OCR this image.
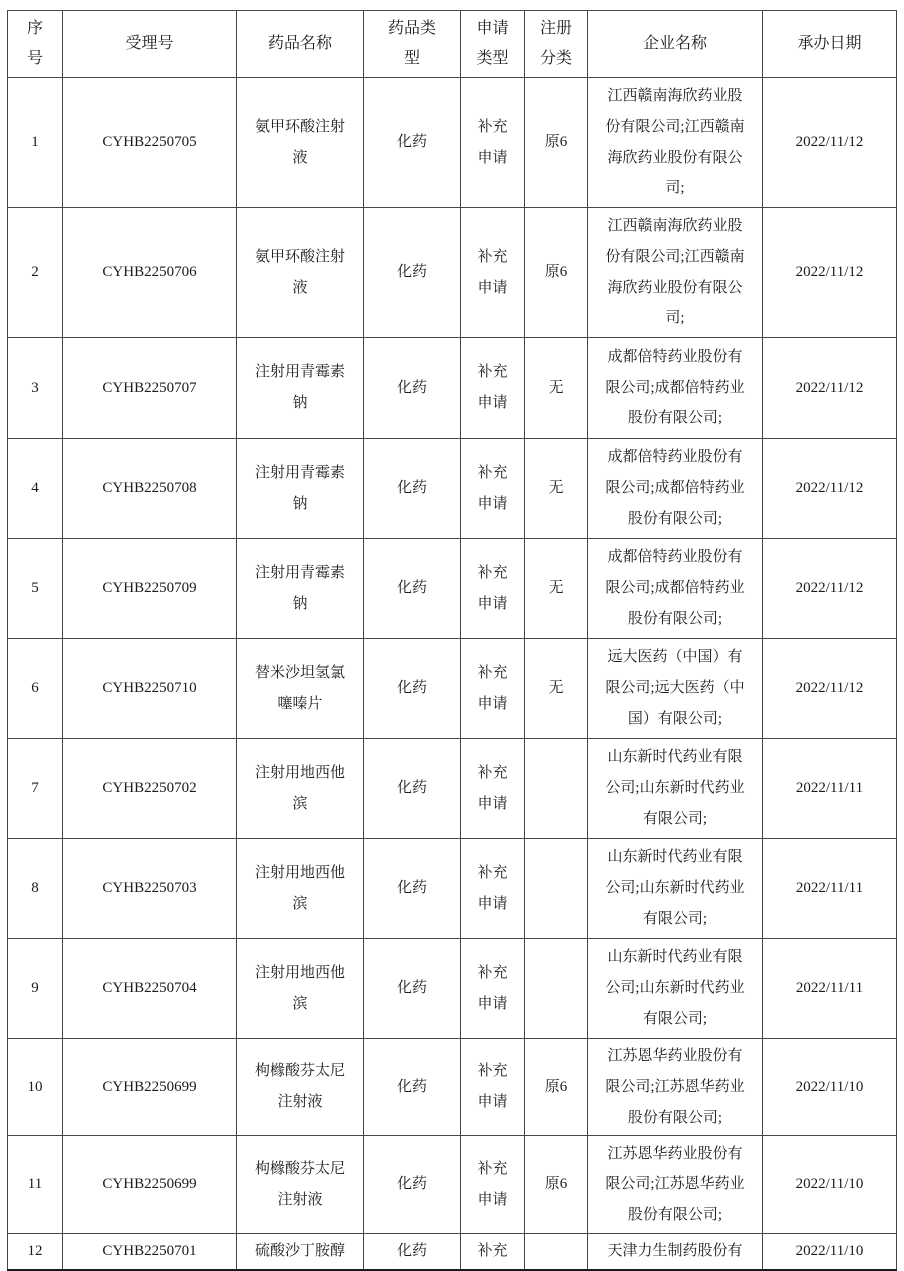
序号	受理号	药品名称	药品类型	申请类型	注册分类	企业名称	承办日期
1	CYHB2250705	氨甲环酸注射液	化药	补充申请	原6	江西赣南海欣药业股份有限公司;江西赣南海欣药业股份有限公司;	2022/11/12
2	CYHB2250706	氨甲环酸注射液	化药	补充申请	原6	江西赣南海欣药业股份有限公司;江西赣南海欣药业股份有限公司;	2022/11/12
3	CYHB2250707	注射用青霉素钠	化药	补充申请	无	成都倍特药业股份有限公司;成都倍特药业股份有限公司;	2022/11/12
4	CYHB2250708	注射用青霉素钠	化药	补充申请	无	成都倍特药业股份有限公司;成都倍特药业股份有限公司;	2022/11/12
5	CYHB2250709	注射用青霉素钠	化药	补充申请	无	成都倍特药业股份有限公司;成都倍特药业股份有限公司;	2022/11/12
6	CYHB2250710	替米沙坦氢氯噻嗪片	化药	补充申请	无	远大医药（中国）有限公司;远大医药（中国）有限公司;	2022/11/12
7	CYHB2250702	注射用地西他滨	化药	补充申请		山东新时代药业有限公司;山东新时代药业有限公司;	2022/11/11
8	CYHB2250703	注射用地西他滨	化药	补充申请		山东新时代药业有限公司;山东新时代药业有限公司;	2022/11/11
9	CYHB2250704	注射用地西他滨	化药	补充申请		山东新时代药业有限公司;山东新时代药业有限公司;	2022/11/11
10	CYHB2250699	枸橼酸芬太尼注射液	化药	补充申请	原6	江苏恩华药业股份有限公司;江苏恩华药业股份有限公司;	2022/11/10
11	CYHB2250699	枸橼酸芬太尼注射液	化药	补充申请	原6	江苏恩华药业股份有限公司;江苏恩华药业股份有限公司;	2022/11/10
12	CYHB2250701	硫酸沙丁胺醇	化药	补充		天津力生制药股份有	2022/11/10
